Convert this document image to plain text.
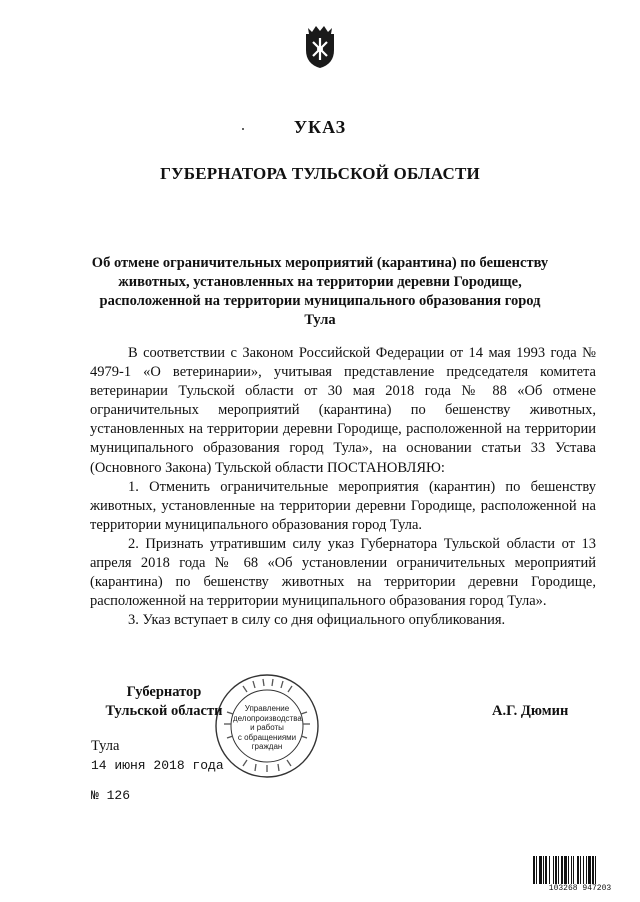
УКАЗ
ГУБЕРНАТОРА ТУЛЬСКОЙ ОБЛАСТИ
Об отмене ограничительных мероприятий (карантина) по бешенству животных, установленных на территории деревни Городище, расположенной на территории муниципального образования город Тула

В соответствии с Законом Российской Федерации от 14 мая 1993 года № 4979-1 «О ветеринарии», учитывая представление председателя комитета ветеринарии Тульской области от 30 мая 2018 года № 88 «Об отмене ограничительных мероприятий (карантина) по бешенству животных, установленных на территории деревни Городище, расположенной на территории муниципального образования город Тула», на основании статьи 33 Устава (Основного Закона) Тульской области ПОСТАНОВЛЯЮ:

1. Отменить ограничительные мероприятия (карантин) по бешенству животных, установленные на территории деревни Городище, расположенной на территории муниципального образования город Тула.

2. Признать утратившим силу указ Губернатора Тульской области от 13 апреля 2018 года № 68 «Об установлении ограничительных мероприятий (карантина) по бешенству животных на территории деревни Городище, расположенной на территории муниципального образования город Тула».

3. Указ вступает в силу со дня официального опубликования.

Управление
делопроизводства
и работы
с обращениями
граждан
Губернатор
Тульской области	А.Г. Дюмин
Тула
14 июня 2018 года
№ 126
103268 947203
